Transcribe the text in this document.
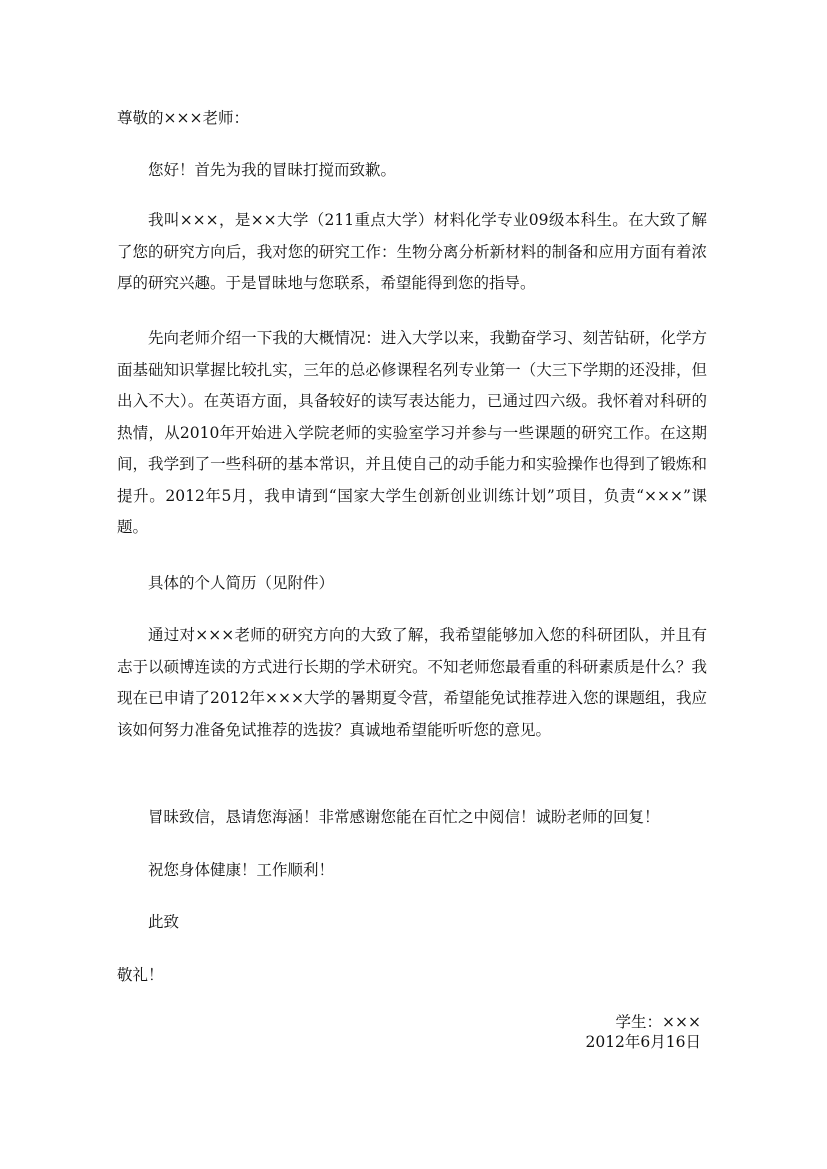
尊敬的×××老师：

您好！首先为我的冒昧打搅而致歉。

我叫×××，是××大学（211重点大学）材料化学专业09级本科生。在大致了解了您的研究方向后，我对您的研究工作：生物分离分析新材料的制备和应用方面有着浓厚的研究兴趣。于是冒昧地与您联系，希望能得到您的指导。

先向老师介绍一下我的大概情况：进入大学以来，我勤奋学习、刻苦钻研，化学方面基础知识掌握比较扎实，三年的总必修课程名列专业第一（大三下学期的还没排，但出入不大）。在英语方面，具备较好的读写表达能力，已通过四六级。我怀着对科研的热情，从2010年开始进入学院老师的实验室学习并参与一些课题的研究工作。在这期间，我学到了一些科研的基本常识，并且使自己的动手能力和实验操作也得到了锻炼和提升。2012年5月，我申请到“国家大学生创新创业训练计划”项目，负责“×××”课题。

具体的个人简历（见附件）

通过对×××老师的研究方向的大致了解，我希望能够加入您的科研团队，并且有志于以硕博连读的方式进行长期的学术研究。不知老师您最看重的科研素质是什么？我现在已申请了2012年×××大学的暑期夏令营，希望能免试推荐进入您的课题组，我应该如何努力准备免试推荐的选拔？真诚地希望能听听您的意见。

冒昧致信，恳请您海涵！非常感谢您能在百忙之中阅信！诚盼老师的回复！

祝您身体健康！工作顺利！

此致

敬礼！

学生：×××
2012年6月16日
